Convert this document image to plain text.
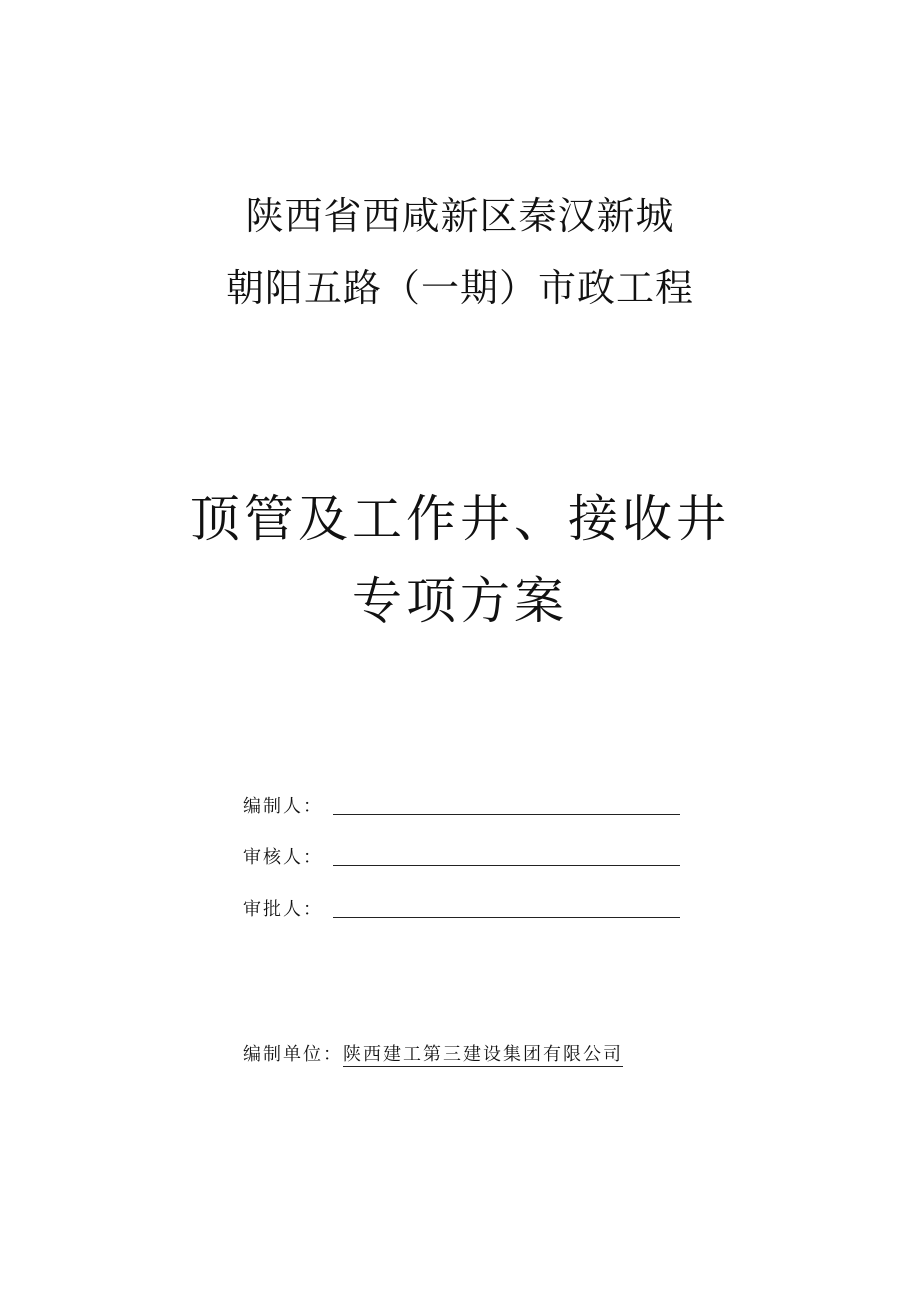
陕西省西咸新区秦汉新城
朝阳五路（一期）市政工程
顶管及工作井、接收井
专项方案
编制人：
审核人：
审批人：
编制单位：陕西建工第三建设集团有限公司
